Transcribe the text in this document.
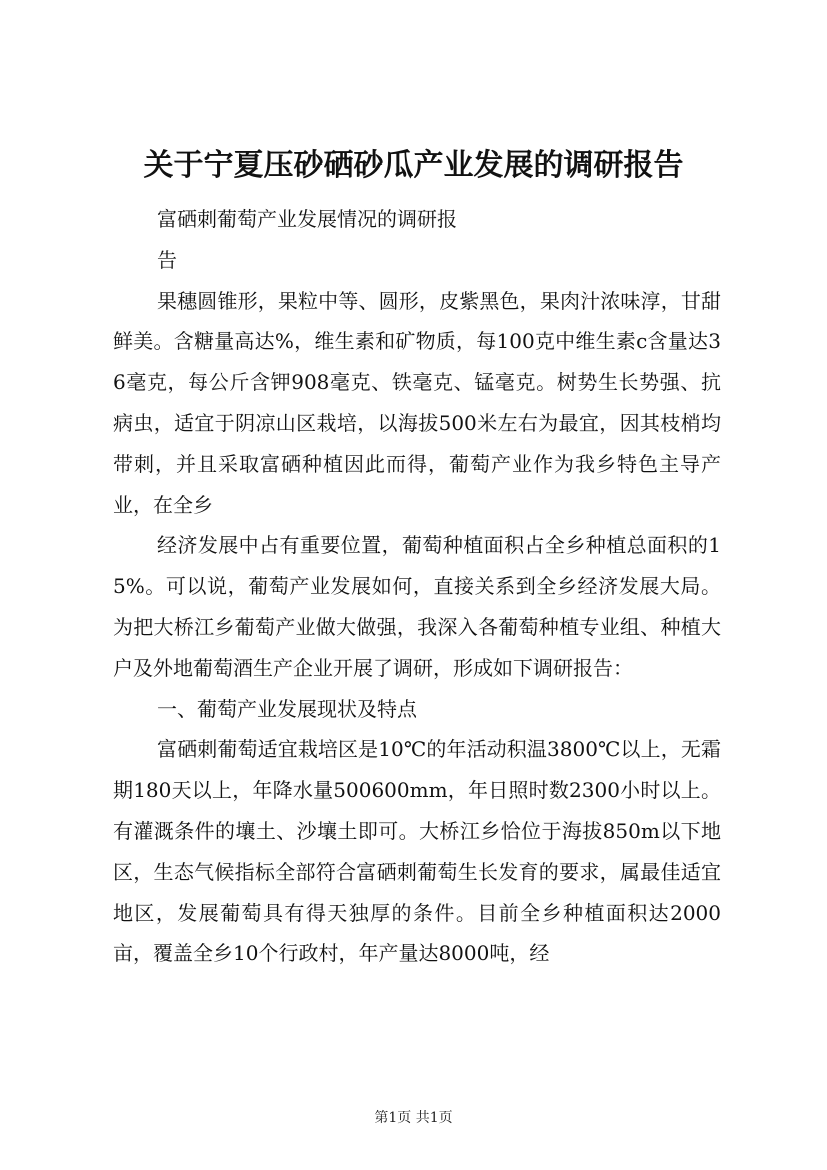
关于宁夏压砂硒砂瓜产业发展的调研报告

富硒刺葡萄产业发展情况的调研报

告

果穗圆锥形，果粒中等、圆形，皮紫黑色，果肉汁浓味淳，甘甜鲜美。含糖量高达%，维生素和矿物质，每100克中维生素c含量达36毫克，每公斤含钾908毫克、铁毫克、锰毫克。树势生长势强、抗病虫，适宜于阴凉山区栽培，以海拔500米左右为最宜，因其枝梢均带刺，并且采取富硒种植因此而得，葡萄产业作为我乡特色主导产业，在全乡

经济发展中占有重要位置，葡萄种植面积占全乡种植总面积的15%。可以说，葡萄产业发展如何，直接关系到全乡经济发展大局。为把大桥江乡葡萄产业做大做强，我深入各葡萄种植专业组、种植大户及外地葡萄酒生产企业开展了调研，形成如下调研报告：

一、葡萄产业发展现状及特点

富硒刺葡萄适宜栽培区是10℃的年活动积温3800℃以上，无霜期180天以上，年降水量500600mm，年日照时数2300小时以上。有灌溉条件的壤土、沙壤土即可。大桥江乡恰位于海拔850m以下地区，生态气候指标全部符合富硒刺葡萄生长发育的要求，属最佳适宜地区，发展葡萄具有得天独厚的条件。目前全乡种植面积达2000亩，覆盖全乡10个行政村，年产量达8000吨，经

第1页 共1页
